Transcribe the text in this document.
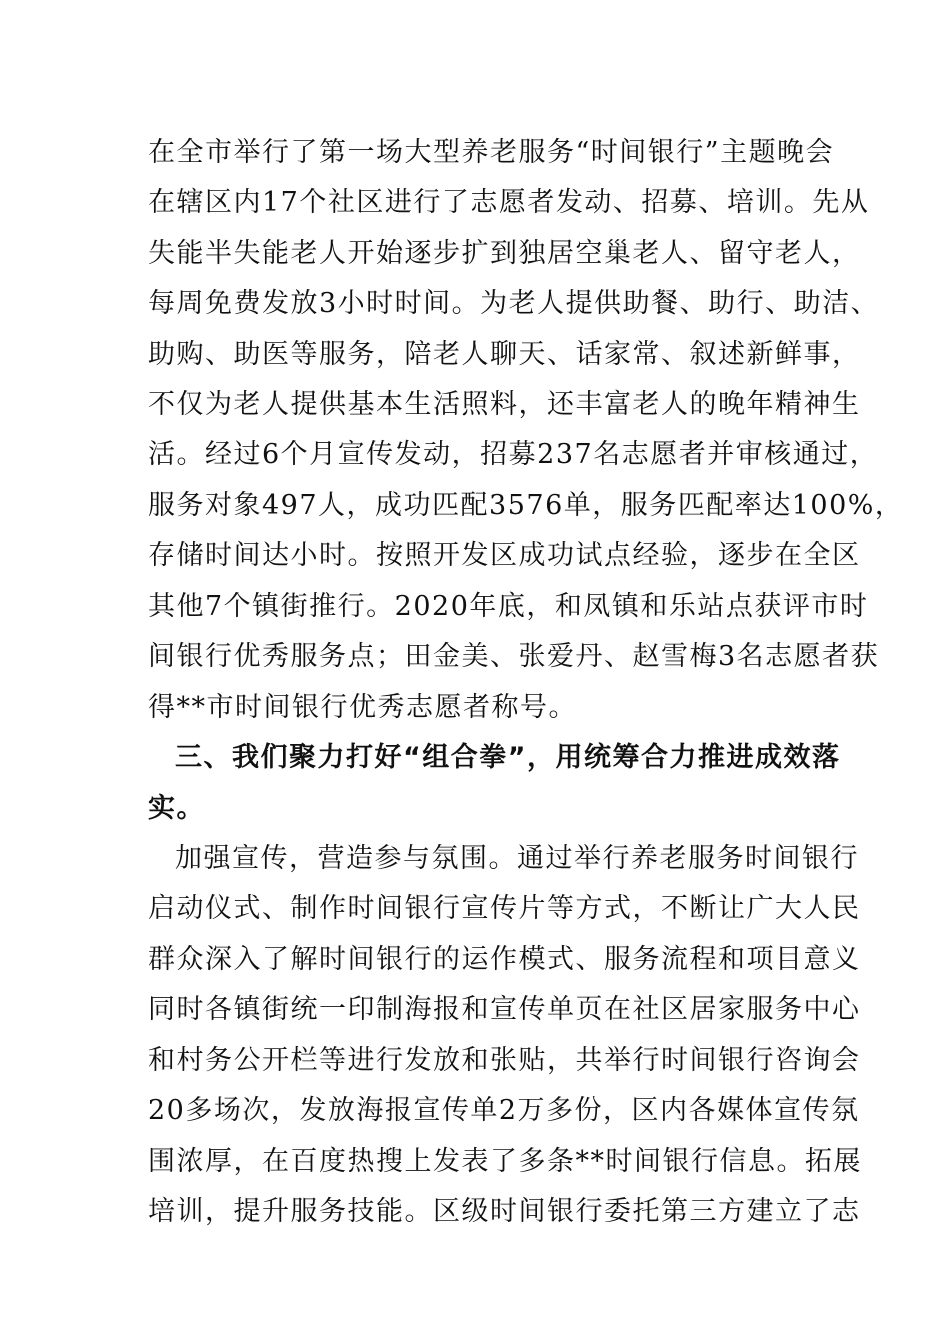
在全市举行了第一场大型养老服务“时间银行”主题晚会
在辖区内17个社区进行了志愿者发动、招募、培训。先从
失能半失能老人开始逐步扩到独居空巢老人、留守老人，
每周免费发放3小时时间。为老人提供助餐、助行、助洁、
助购、助医等服务，陪老人聊天、话家常、叙述新鲜事，
不仅为老人提供基本生活照料，还丰富老人的晚年精神生
活。经过6个月宣传发动，招募237名志愿者并审核通过，
服务对象497人，成功匹配3576单，服务匹配率达100%，
存储时间达小时。按照开发区成功试点经验，逐步在全区
其他7个镇街推行。2020年底，和凤镇和乐站点获评市时
间银行优秀服务点；田金美、张爱丹、赵雪梅3名志愿者获
得**市时间银行优秀志愿者称号。
三、我们聚力打好“组合拳”，用统筹合力推进成效落
实。
加强宣传，营造参与氛围。通过举行养老服务时间银行
启动仪式、制作时间银行宣传片等方式，不断让广大人民
群众深入了解时间银行的运作模式、服务流程和项目意义
同时各镇街统一印制海报和宣传单页在社区居家服务中心
和村务公开栏等进行发放和张贴，共举行时间银行咨询会
20多场次，发放海报宣传单2万多份，区内各媒体宣传氛
围浓厚，在百度热搜上发表了多条**时间银行信息。拓展
培训，提升服务技能。区级时间银行委托第三方建立了志
